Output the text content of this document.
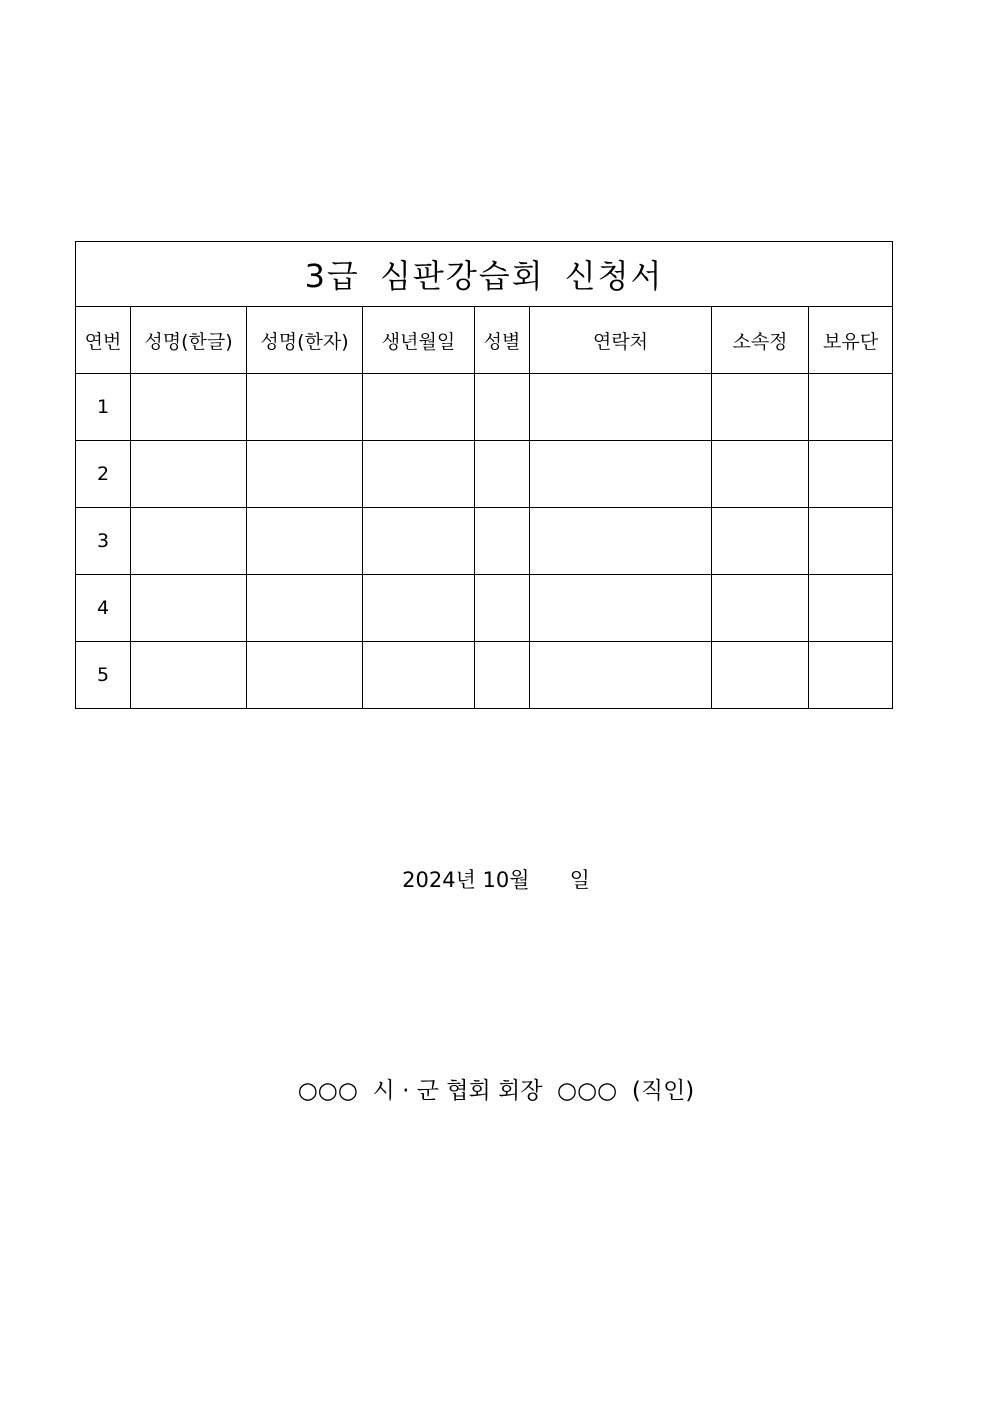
3급 심판강습회 신청서							
연번	성명(한글)	성명(한자)	생년월일	성별	연락처	소속정	보유단
1							
2							
3							
4							
5							
2024년 10월 일
○○○ 시 · 군 협회 회장 ○○○ (직인)
